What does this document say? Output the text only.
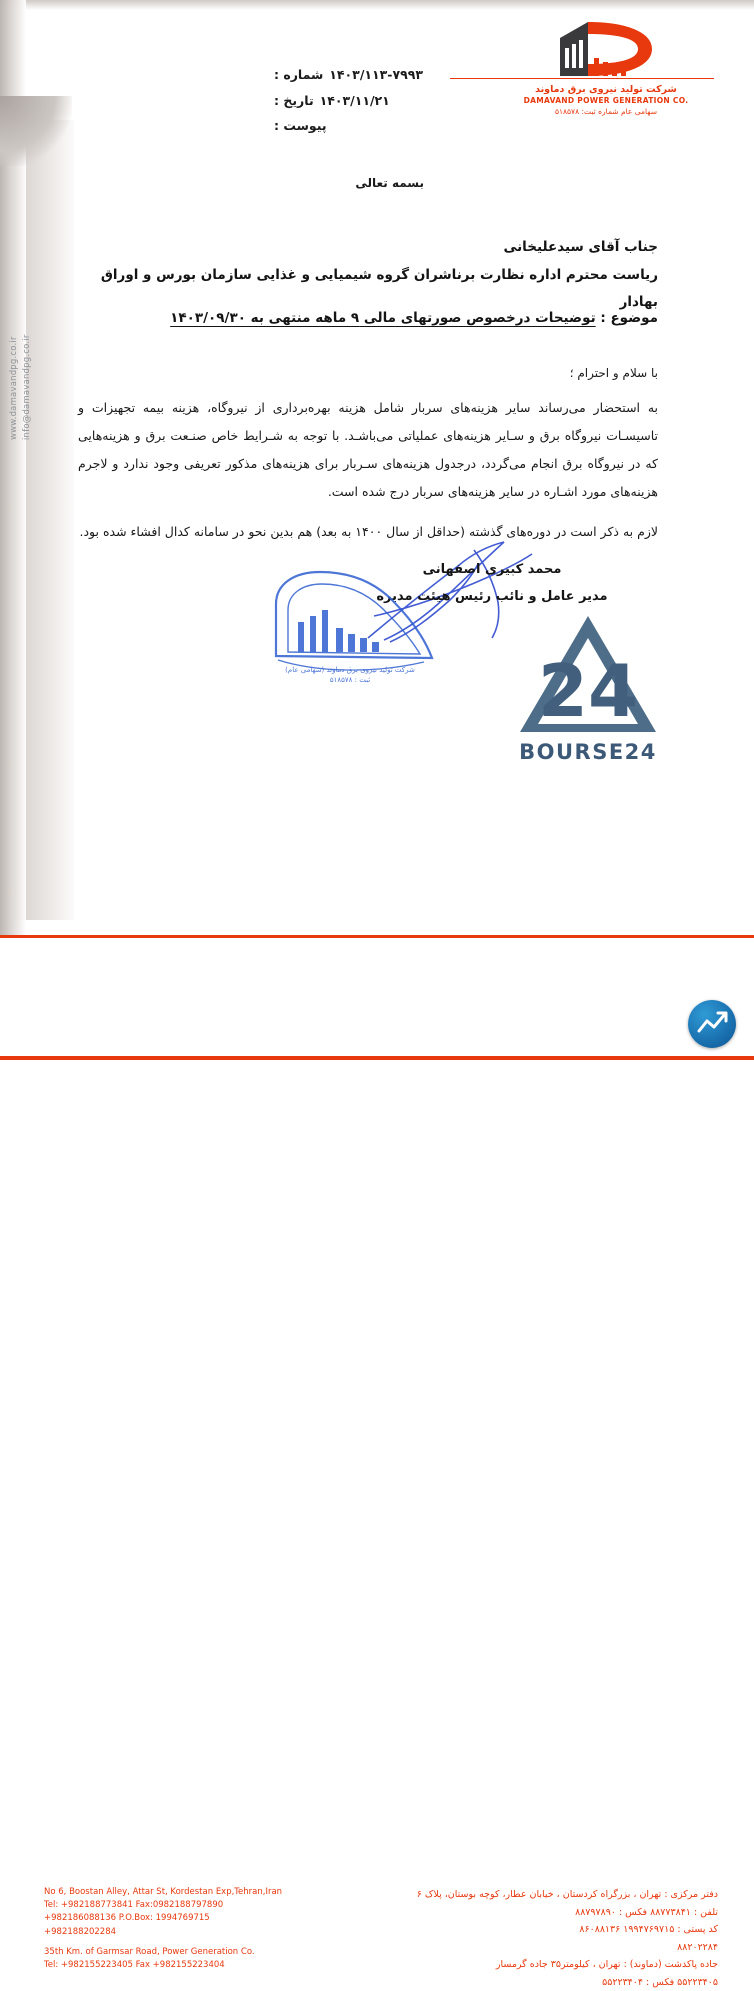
شرکت تولید نیروی برق دماوند
DAMAVAND POWER GENERATION CO.
سهامی عام شماره ثبت: ۵۱۸۵۷۸
۱۴۰۳/۱۱۳-۷۹۹۳
شماره :
۱۴۰۳/۱۱/۲۱
تاریخ :
پیوست :
بسمه تعالی
جناب آقای سیدعلیخانی
ریاست محترم اداره نظارت برناشران گروه شیمیایی و غذایی سازمان بورس و اوراق بهادار
موضوع : توضیحات درخصوص صورتهای مالی ۹ ماهه منتهی به ۱۴۰۳/۰۹/۳۰
با سلام و احترام ؛
به استحضار می‌رساند سایر هزینه‌های سربار شامل هزینه بهره‌برداری از نیروگاه، هزینه بیمه تجهیزات و تاسیسـات نیروگاه برق و سـایر هزینه‌های عملیاتی می‌باشـد. با توجه به شـرایط خاص صنـعت برق و هزینه‌هایی که در نیروگاه برق انجام می‌گردد، درجدول هزینه‌های سـربار برای هزینه‌های مذکور تعریفی وجود ندارد و لاجرم هزینه‌های مورد اشـاره در سایر هزینه‌های سربار درج شده است.
لازم به ذکر است در دوره‌های گذشته (حداقل از سال ۱۴۰۰ به بعد) هم بدین نحو در سامانه کدال افشاء شده بود.
محمد کبیری اصفهانی
مدیر عامل و نائب رئیس هیئت مدیره
شرکت تولید نیروی برق دماوند (سهامی عام)
ثبت : ۵۱۸۵۷۸ 24
BOURSE24
www.damavandpg.co.ir info@damavandpg.co.ir
No 6, Boostan Alley, Attar St, Kordestan Exp,Tehran,Iran
Tel: +982188773841 Fax:0982188797890
+982186088136 P.O.Box: 1994769715
+982188202284
35th Km. of Garmsar Road, Power Generation Co.
Tel: +982155223405 Fax +982155223404
دفتر مرکزی : تهران ، بزرگراه کردستان ، خیابان عطار، کوچه بوستان، پلاک ۶
تلفن : ۸۸۷۷۳۸۴۱ فکس : ۸۸۷۹۷۸۹۰
کد پستی : ۱۹۹۴۷۶۹۷۱۵ ۸۶۰۸۸۱۳۶
۸۸۲۰۲۲۸۴
جاده پاکدشت (دماوند) : تهران ، کیلومتر۳۵ جاده گرمسار
۵۵۲۲۳۴۰۵ فکس : ۵۵۲۲۳۴۰۴
